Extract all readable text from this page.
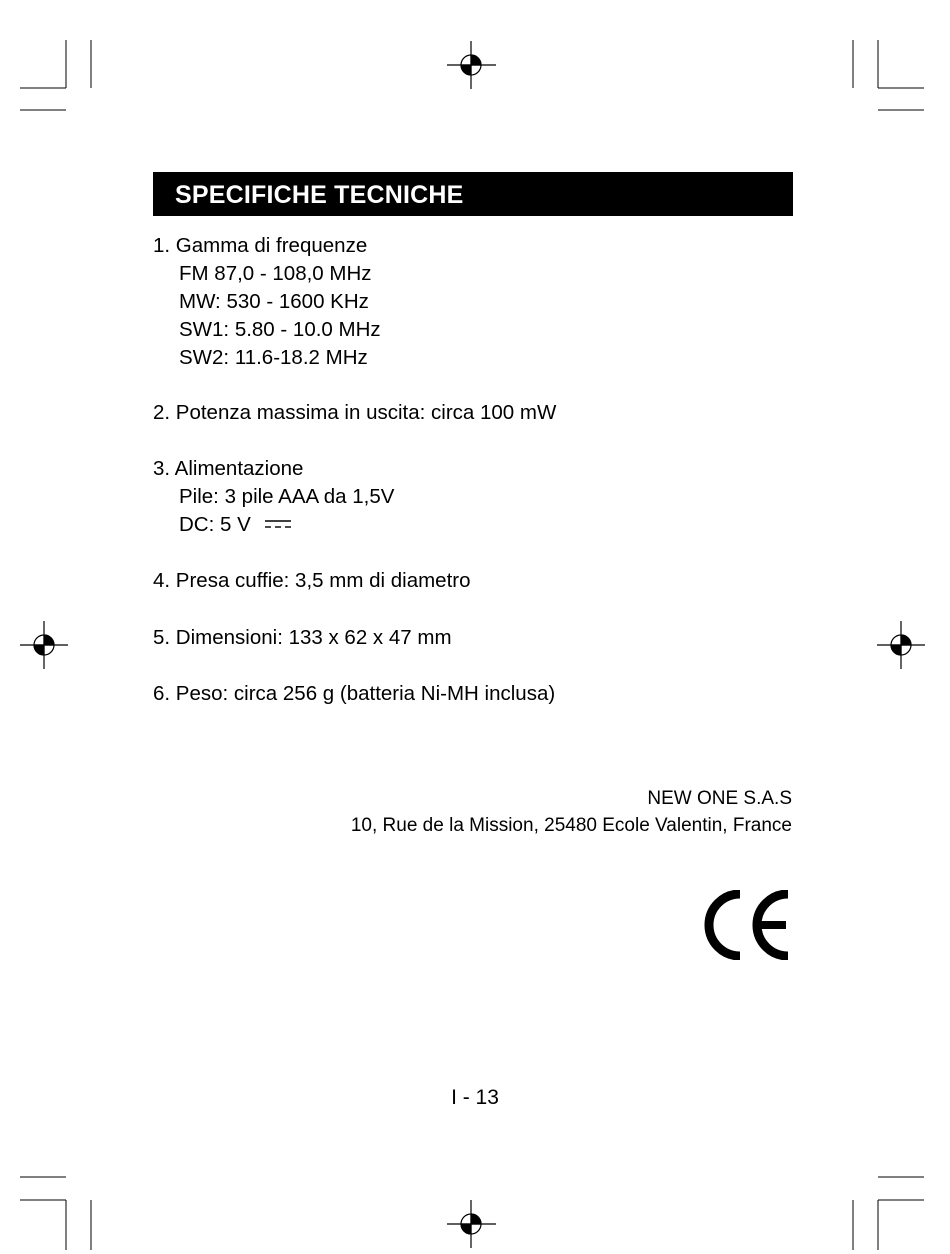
SPECIFICHE TECNICHE
1. Gamma di frequenze
FM 87,0 - 108,0 MHz
MW: 530 - 1600 KHz
SW1: 5.80 - 10.0 MHz
SW2: 11.6-18.2 MHz
2. Potenza massima in uscita: circa 100 mW
3. Alimentazione
Pile: 3 pile AAA da 1,5V
DC: 5 V
4. Presa cuffie: 3,5 mm di diametro
5. Dimensioni: 133 x 62 x 47 mm
6. Peso: circa 256 g (batteria Ni-MH inclusa)
NEW ONE S.A.S
10, Rue de la Mission, 25480 Ecole Valentin, France
I - 13
